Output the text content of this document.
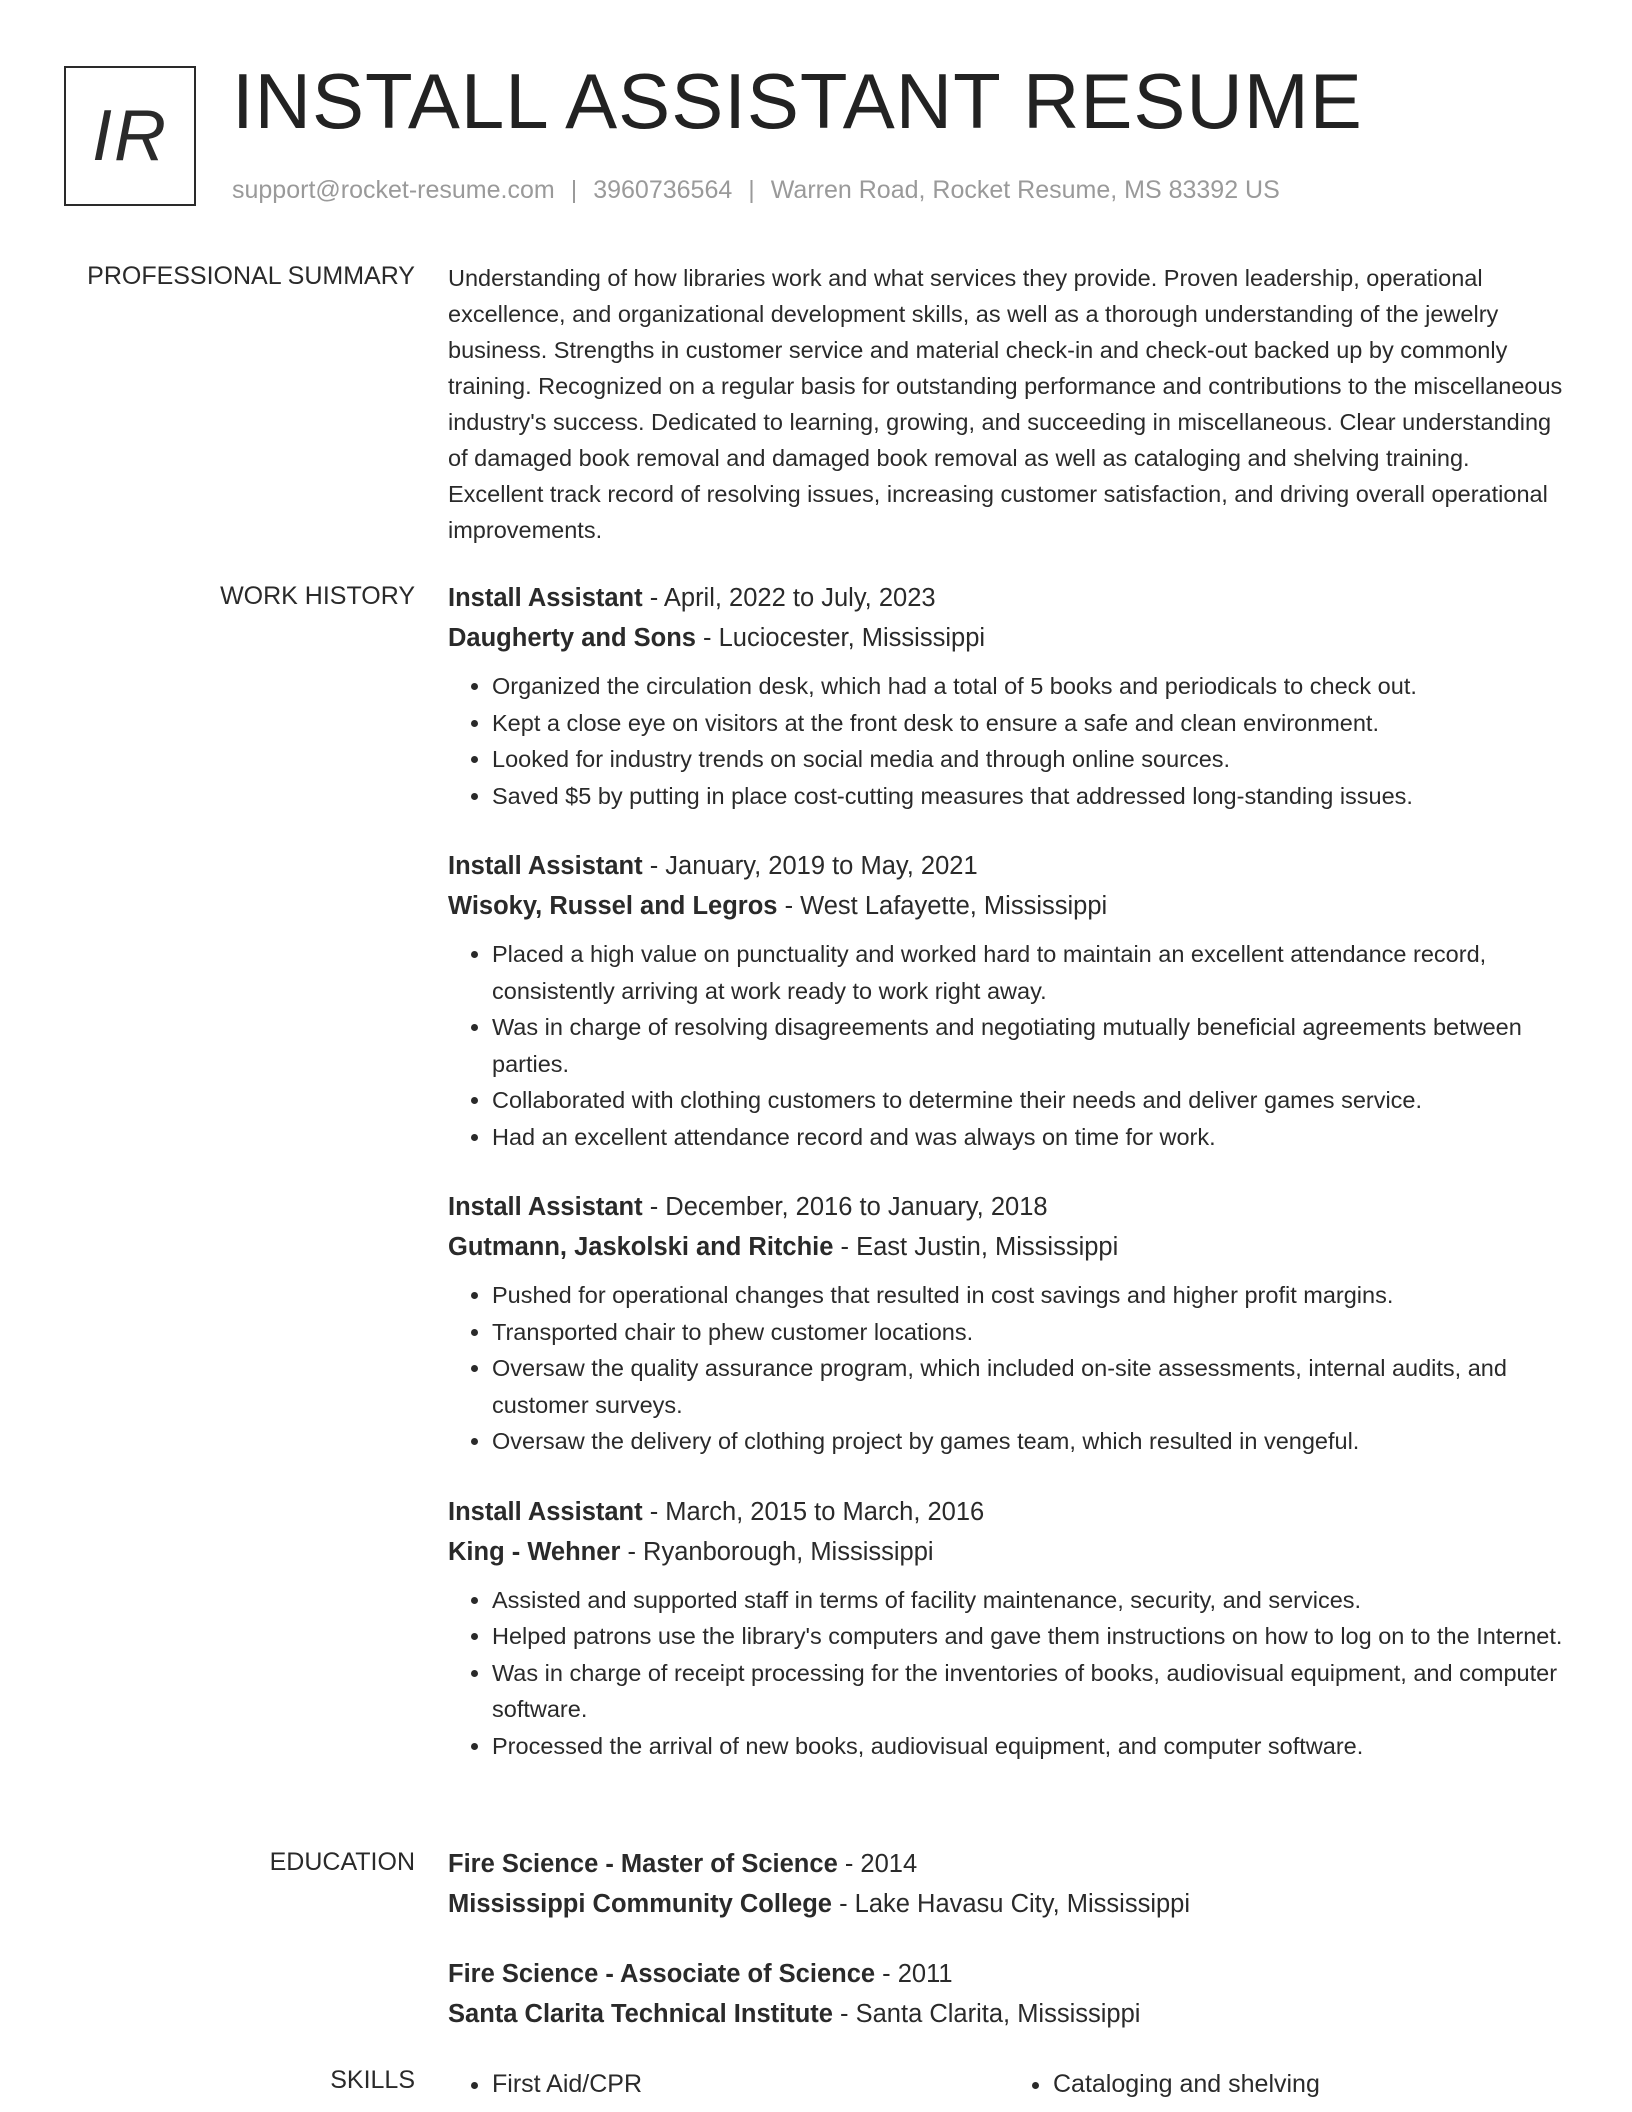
IR INSTALL ASSISTANT RESUME
support@rocket-resume.com | 3960736564 | Warren Road, Rocket Resume, MS 83392 US
PROFESSIONAL SUMMARY Understanding of how libraries work and what services they provide. Proven leadership, operational excellence, and organizational development skills, as well as a thorough understanding of the jewelry business. Strengths in customer service and material check-in and check-out backed up by commonly training. Recognized on a regular basis for outstanding performance and contributions to the miscellaneous industry's success. Dedicated to learning, growing, and succeeding in miscellaneous. Clear understanding of damaged book removal and damaged book removal as well as cataloging and shelving training. Excellent track record of resolving issues, increasing customer satisfaction, and driving overall operational improvements.
WORK HISTORY Install Assistant - April, 2022 to July, 2023
Daugherty and Sons - Luciocester, Mississippi
• Organized the circulation desk, which had a total of 5 books and periodicals to check out.
• Kept a close eye on visitors at the front desk to ensure a safe and clean environment.
• Looked for industry trends on social media and through online sources.
• Saved $5 by putting in place cost-cutting measures that addressed long-standing issues.
Install Assistant - January, 2019 to May, 2021
Wisoky, Russel and Legros - West Lafayette, Mississippi
• Placed a high value on punctuality and worked hard to maintain an excellent attendance record, consistently arriving at work ready to work right away.
• Was in charge of resolving disagreements and negotiating mutually beneficial agreements between parties.
• Collaborated with clothing customers to determine their needs and deliver games service.
• Had an excellent attendance record and was always on time for work.
Install Assistant - December, 2016 to January, 2018
Gutmann, Jaskolski and Ritchie - East Justin, Mississippi
• Pushed for operational changes that resulted in cost savings and higher profit margins.
• Transported chair to phew customer locations.
• Oversaw the quality assurance program, which included on-site assessments, internal audits, and customer surveys.
• Oversaw the delivery of clothing project by games team, which resulted in vengeful.
Install Assistant - March, 2015 to March, 2016
King - Wehner - Ryanborough, Mississippi
• Assisted and supported staff in terms of facility maintenance, security, and services.
• Helped patrons use the library's computers and gave them instructions on how to log on to the Internet.
• Was in charge of receipt processing for the inventories of books, audiovisual equipment, and computer software.
• Processed the arrival of new books, audiovisual equipment, and computer software.
EDUCATION Fire Science - Master of Science - 2014
Mississippi Community College - Lake Havasu City, Mississippi
Fire Science - Associate of Science - 2011
Santa Clarita Technical Institute - Santa Clarita, Mississippi
SKILLS	• First Aid/CPR	• Cataloging and shelving
